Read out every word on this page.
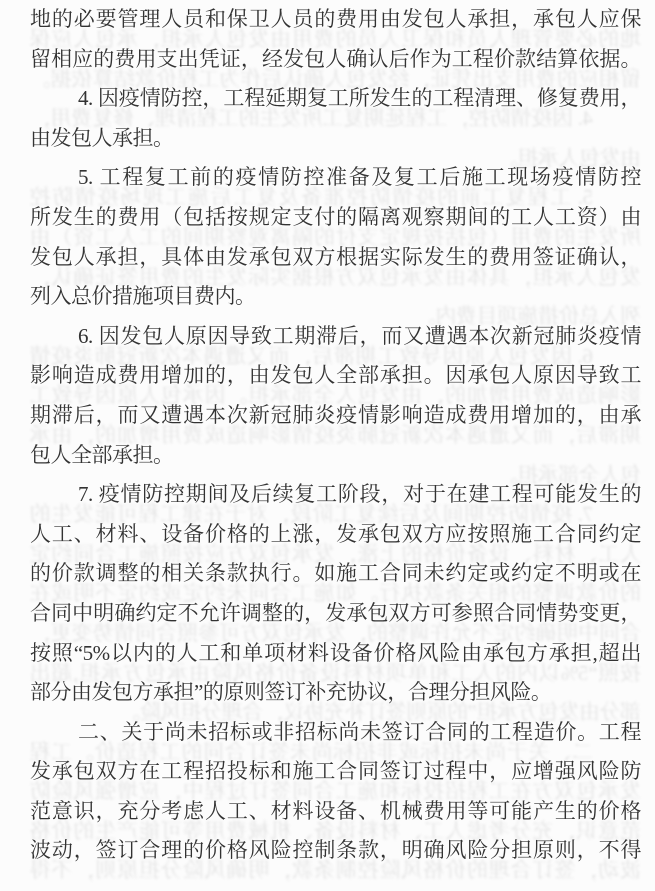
地的必要管理人员和保卫人员的费用由发包人承担，承包人应保
留相应的费用支出凭证，经发包人确认后作为工程价款结算依据。
4. 因疫情防控，工程延期复工所发生的工程清理、修复费用，
由发包人承担。
5. 工程复工前的疫情防控准备及复工后施工现场疫情防控
所发生的费用（包括按规定支付的隔离观察期间的工人工资）由
发包人承担，具体由发承包双方根据实际发生的费用签证确认，
列入总价措施项目费内。
6. 因发包人原因导致工期滞后，而又遭遇本次新冠肺炎疫情
影响造成费用增加的，由发包人全部承担。因承包人原因导致工
期滞后，而又遭遇本次新冠肺炎疫情影响造成费用增加的，由承
包人全部承担。
7. 疫情防控期间及后续复工阶段，对于在建工程可能发生的
人工、材料、设备价格的上涨，发承包双方应按照施工合同约定
的价款调整的相关条款执行。如施工合同未约定或约定不明或在
合同中明确约定不允许调整的，发承包双方可参照合同情势变更，
按照“5%以内的人工和单项材料设备价格风险由承包方承担,超出
部分由发包方承担”的原则签订补充协议，合理分担风险。
二、关于尚未招标或非招标尚未签订合同的工程造价。工程
发承包双方在工程招投标和施工合同签订过程中，应增强风险防
范意识，充分考虑人工、材料设备、机械费用等可能产生的价格
波动，签订合理的价格风险控制条款，明确风险分担原则，不得
地的必要管理人员和保卫人员的费用由发包人承担，承包人应保
留相应的费用支出凭证，经发包人确认后作为工程价款结算依据。
4. 因疫情防控，工程延期复工所发生的工程清理、修复费用，
由发包人承担。
5. 工程复工前的疫情防控准备及复工后施工现场疫情防控
所发生的费用（包括按规定支付的隔离观察期间的工人工资）由
发包人承担，具体由发承包双方根据实际发生的费用签证确认，
列入总价措施项目费内。
6. 因发包人原因导致工期滞后，而又遭遇本次新冠肺炎疫情
影响造成费用增加的，由发包人全部承担。因承包人原因导致工
期滞后，而又遭遇本次新冠肺炎疫情影响造成费用增加的，由承
包人全部承担。
7. 疫情防控期间及后续复工阶段，对于在建工程可能发生的
人工、材料、设备价格的上涨，发承包双方应按照施工合同约定
的价款调整的相关条款执行。如施工合同未约定或约定不明或在
合同中明确约定不允许调整的，发承包双方可参照合同情势变更，
按照“5%以内的人工和单项材料设备价格风险由承包方承担,超出
部分由发包方承担”的原则签订补充协议，合理分担风险。
二、关于尚未招标或非招标尚未签订合同的工程造价。工程
发承包双方在工程招投标和施工合同签订过程中，应增强风险防
范意识，充分考虑人工、材料设备、机械费用等可能产生的价格
波动，签订合理的价格风险控制条款，明确风险分担原则，不得
